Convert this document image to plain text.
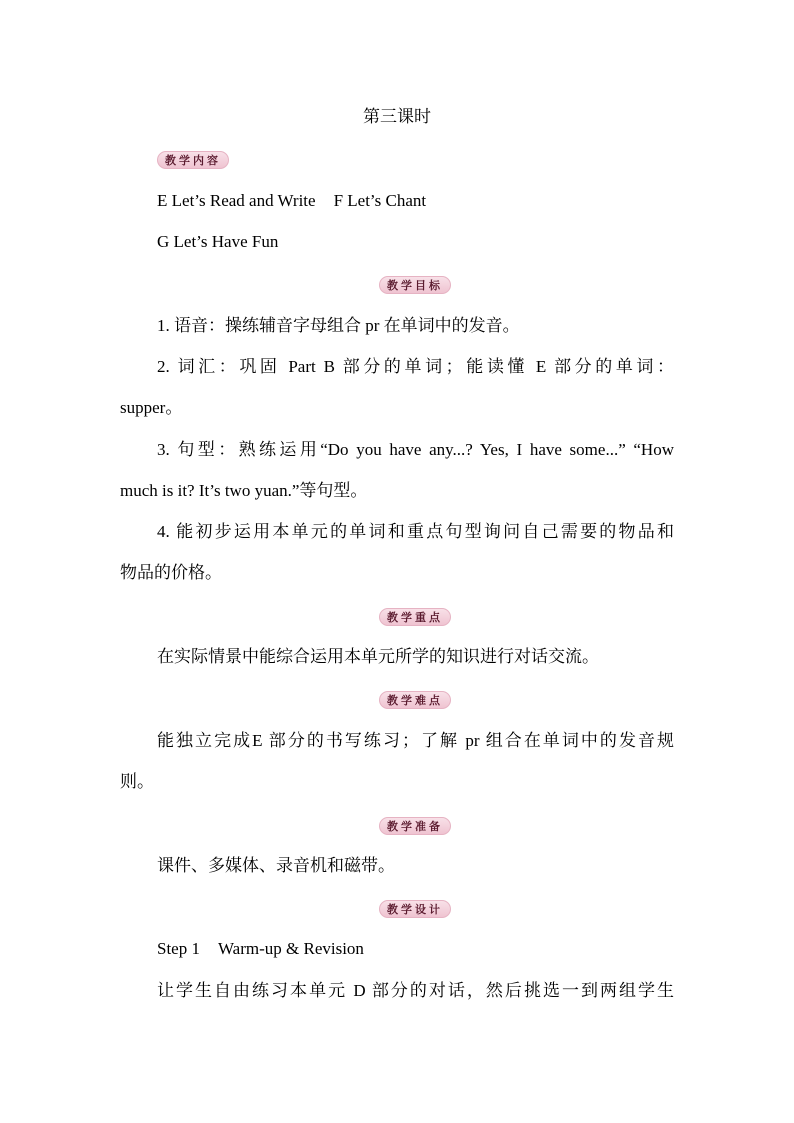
第三课时
教学内容
E Let’s Read and Write F Let’s Chant
G Let’s Have Fun
教学目标
1. 语音：操练辅音字母组合 pr 在单词中的发音。
2. 词汇：巩固 Part B 部分的单词；能读懂 E 部分的单词：
supper。
3. 句型：熟练运用“Do you have any...? Yes, I have some...” “How
much is it? It’s two yuan.”等句型。
4. 能初步运用本单元的单词和重点句型询问自己需要的物品和
物品的价格。
教学重点
在实际情景中能综合运用本单元所学的知识进行对话交流。
教学难点
能独立完成E 部分的书写练习；了解 pr 组合在单词中的发音规
则。
教学准备
课件、多媒体、录音机和磁带。
教学设计
Step 1 Warm-up & Revision
让学生自由练习本单元 D 部分的对话，然后挑选一到两组学生
